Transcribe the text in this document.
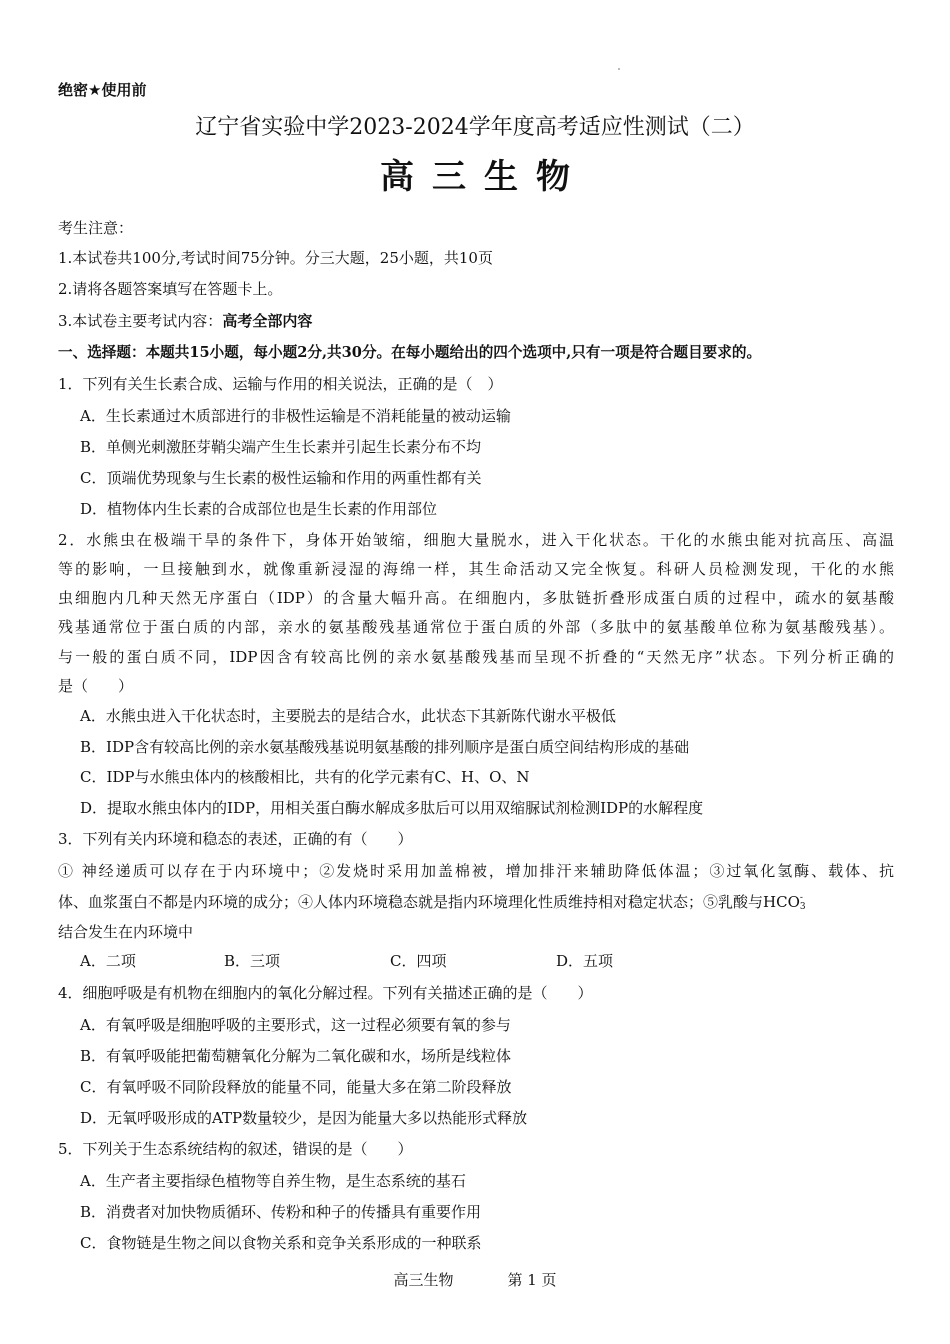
绝密★使用前
辽宁省实验中学2023-2024学年度高考适应性测试（二）
高三生物
考生注意：
1.本试卷共100分,考试时间75分钟。分三大题，25小题，共10页
2.请将各题答案填写在答题卡上。
3.本试卷主要考试内容：高考全部内容
一、选择题：本题共15小题，每小题2分,共30分。在每小题给出的四个选项中,只有一项是符合题目要求的。
1．下列有关生长素合成、运输与作用的相关说法，正确的是（　）
A．生长素通过木质部进行的非极性运输是不消耗能量的被动运输
B．单侧光刺激胚芽鞘尖端产生生长素并引起生长素分布不均
C．顶端优势现象与生长素的极性运输和作用的两重性都有关
D．植物体内生长素的合成部位也是生长素的作用部位
2．水熊虫在极端干旱的条件下，身体开始皱缩，细胞大量脱水，进入干化状态。干化的水熊虫能对抗高压、高温
等的影响，一旦接触到水，就像重新浸湿的海绵一样，其生命活动又完全恢复。科研人员检测发现，干化的水熊
虫细胞内几种天然无序蛋白（IDP）的含量大幅升高。在细胞内，多肽链折叠形成蛋白质的过程中，疏水的氨基酸
残基通常位于蛋白质的内部，亲水的氨基酸残基通常位于蛋白质的外部（多肽中的氨基酸单位称为氨基酸残基）。
与一般的蛋白质不同，IDP因含有较高比例的亲水氨基酸残基而呈现不折叠的“天然无序”状态。下列分析正确的
是（　　）
A．水熊虫进入干化状态时，主要脱去的是结合水，此状态下其新陈代谢水平极低
B．IDP含有较高比例的亲水氨基酸残基说明氨基酸的排列顺序是蛋白质空间结构形成的基础
C．IDP与水熊虫体内的核酸相比，共有的化学元素有C、H、O、N
D．提取水熊虫体内的IDP，用相关蛋白酶水解成多肽后可以用双缩脲试剂检测IDP的水解程度
3．下列有关内环境和稳态的表述，正确的有（　　）
① 神经递质可以存在于内环境中；②发烧时采用加盖棉被，增加排汗来辅助降低体温；③过氧化氢酶、载体、抗
体、血浆蛋白不都是内环境的成分；④人体内环境稳态就是指内环境理化性质维持相对稳定状态；⑤乳酸与HCO -
3
结合发生在内环境中
A．二项	B．三项	C．四项	D．五项
4．细胞呼吸是有机物在细胞内的氧化分解过程。下列有关描述正确的是（　　）
A．有氧呼吸是细胞呼吸的主要形式，这一过程必须要有氧的参与
B．有氧呼吸能把葡萄糖氧化分解为二氧化碳和水，场所是线粒体
C．有氧呼吸不同阶段释放的能量不同，能量大多在第二阶段释放
D．无氧呼吸形成的ATP数量较少，是因为能量大多以热能形式释放
5．下列关于生态系统结构的叙述，错误的是（　　）
A．生产者主要指绿色植物等自养生物，是生态系统的基石
B．消费者对加快物质循环、传粉和种子的传播具有重要作用
C．食物链是生物之间以食物关系和竞争关系形成的一种联系
高三生物	第 1 页
